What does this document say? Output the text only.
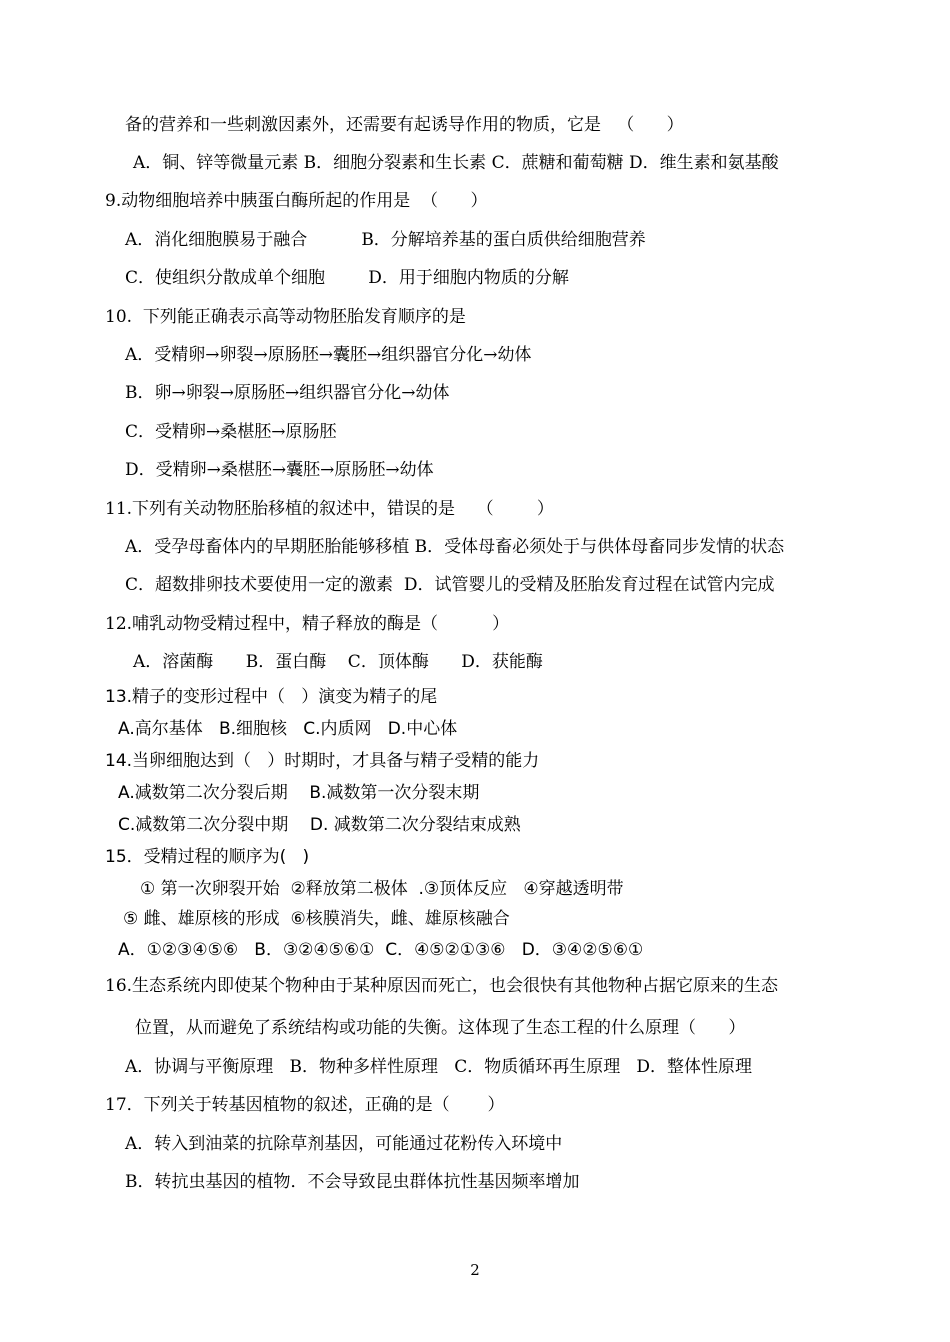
备的营养和一些刺激因素外，还需要有起诱导作用的物质，它是   （      ）
A．铜、锌等微量元素 B．细胞分裂素和生长素 C．蔗糖和葡萄糖 D．维生素和氨基酸
9.动物细胞培养中胰蛋白酶所起的作用是  （      ）
A．消化细胞膜易于融合          B．分解培养基的蛋白质供给细胞营养
C．使组织分散成单个细胞        D．用于细胞内物质的分解
10.  下列能正确表示高等动物胚胎发育顺序的是
A．受精卵→卵裂→原肠胚→囊胚→组织器官分化→幼体
B．卵→卵裂→原肠胚→组织器官分化→幼体
C．受精卵→桑椹胚→原肠胚
D．受精卵→桑椹胚→囊胚→原肠胚→幼体
11.下列有关动物胚胎移植的叙述中，错误的是    （        ）
A．受孕母畜体内的早期胚胎能够移植 B．受体母畜必须处于与供体母畜同步发情的状态
C．超数排卵技术要使用一定的激素  D．试管婴儿的受精及胚胎发育过程在试管内完成
12.哺乳动物受精过程中，精子释放的酶是（          ）
A．溶菌酶      B．蛋白酶    C．顶体酶      D．获能酶
13.精子的变形过程中（   ）演变为精子的尾
A.高尔基体   B.细胞核   C.内质网   D.中心体
14.当卵细胞达到（   ）时期时，才具备与精子受精的能力
A.减数第二次分裂后期    B.减数第一次分裂末期
C.减数第二次分裂中期    D. 减数第二次分裂结束成熟
15．受精过程的顺序为(   )
① 第一次卵裂开始  ②释放第二极体  .③顶体反应   ④穿越透明带
⑤ 雌、雄原核的形成  ⑥核膜消失，雌、雄原核融合
A．①②③④⑤⑥   B．③②④⑤⑥①  C．④⑤②①③⑥   D．③④②⑤⑥①
16.生态系统内即使某个物种由于某种原因而死亡，也会很快有其他物种占据它原来的生态
位置，从而避免了系统结构或功能的失衡。这体现了生态工程的什么原理（      ）
A．协调与平衡原理   B．物种多样性原理   C．物质循环再生原理   D．整体性原理
17．下列关于转基因植物的叙述，正确的是（       ）
A．转入到油菜的抗除草剂基因，可能通过花粉传入环境中
B．转抗虫基因的植物．不会导致昆虫群体抗性基因频率增加
2
